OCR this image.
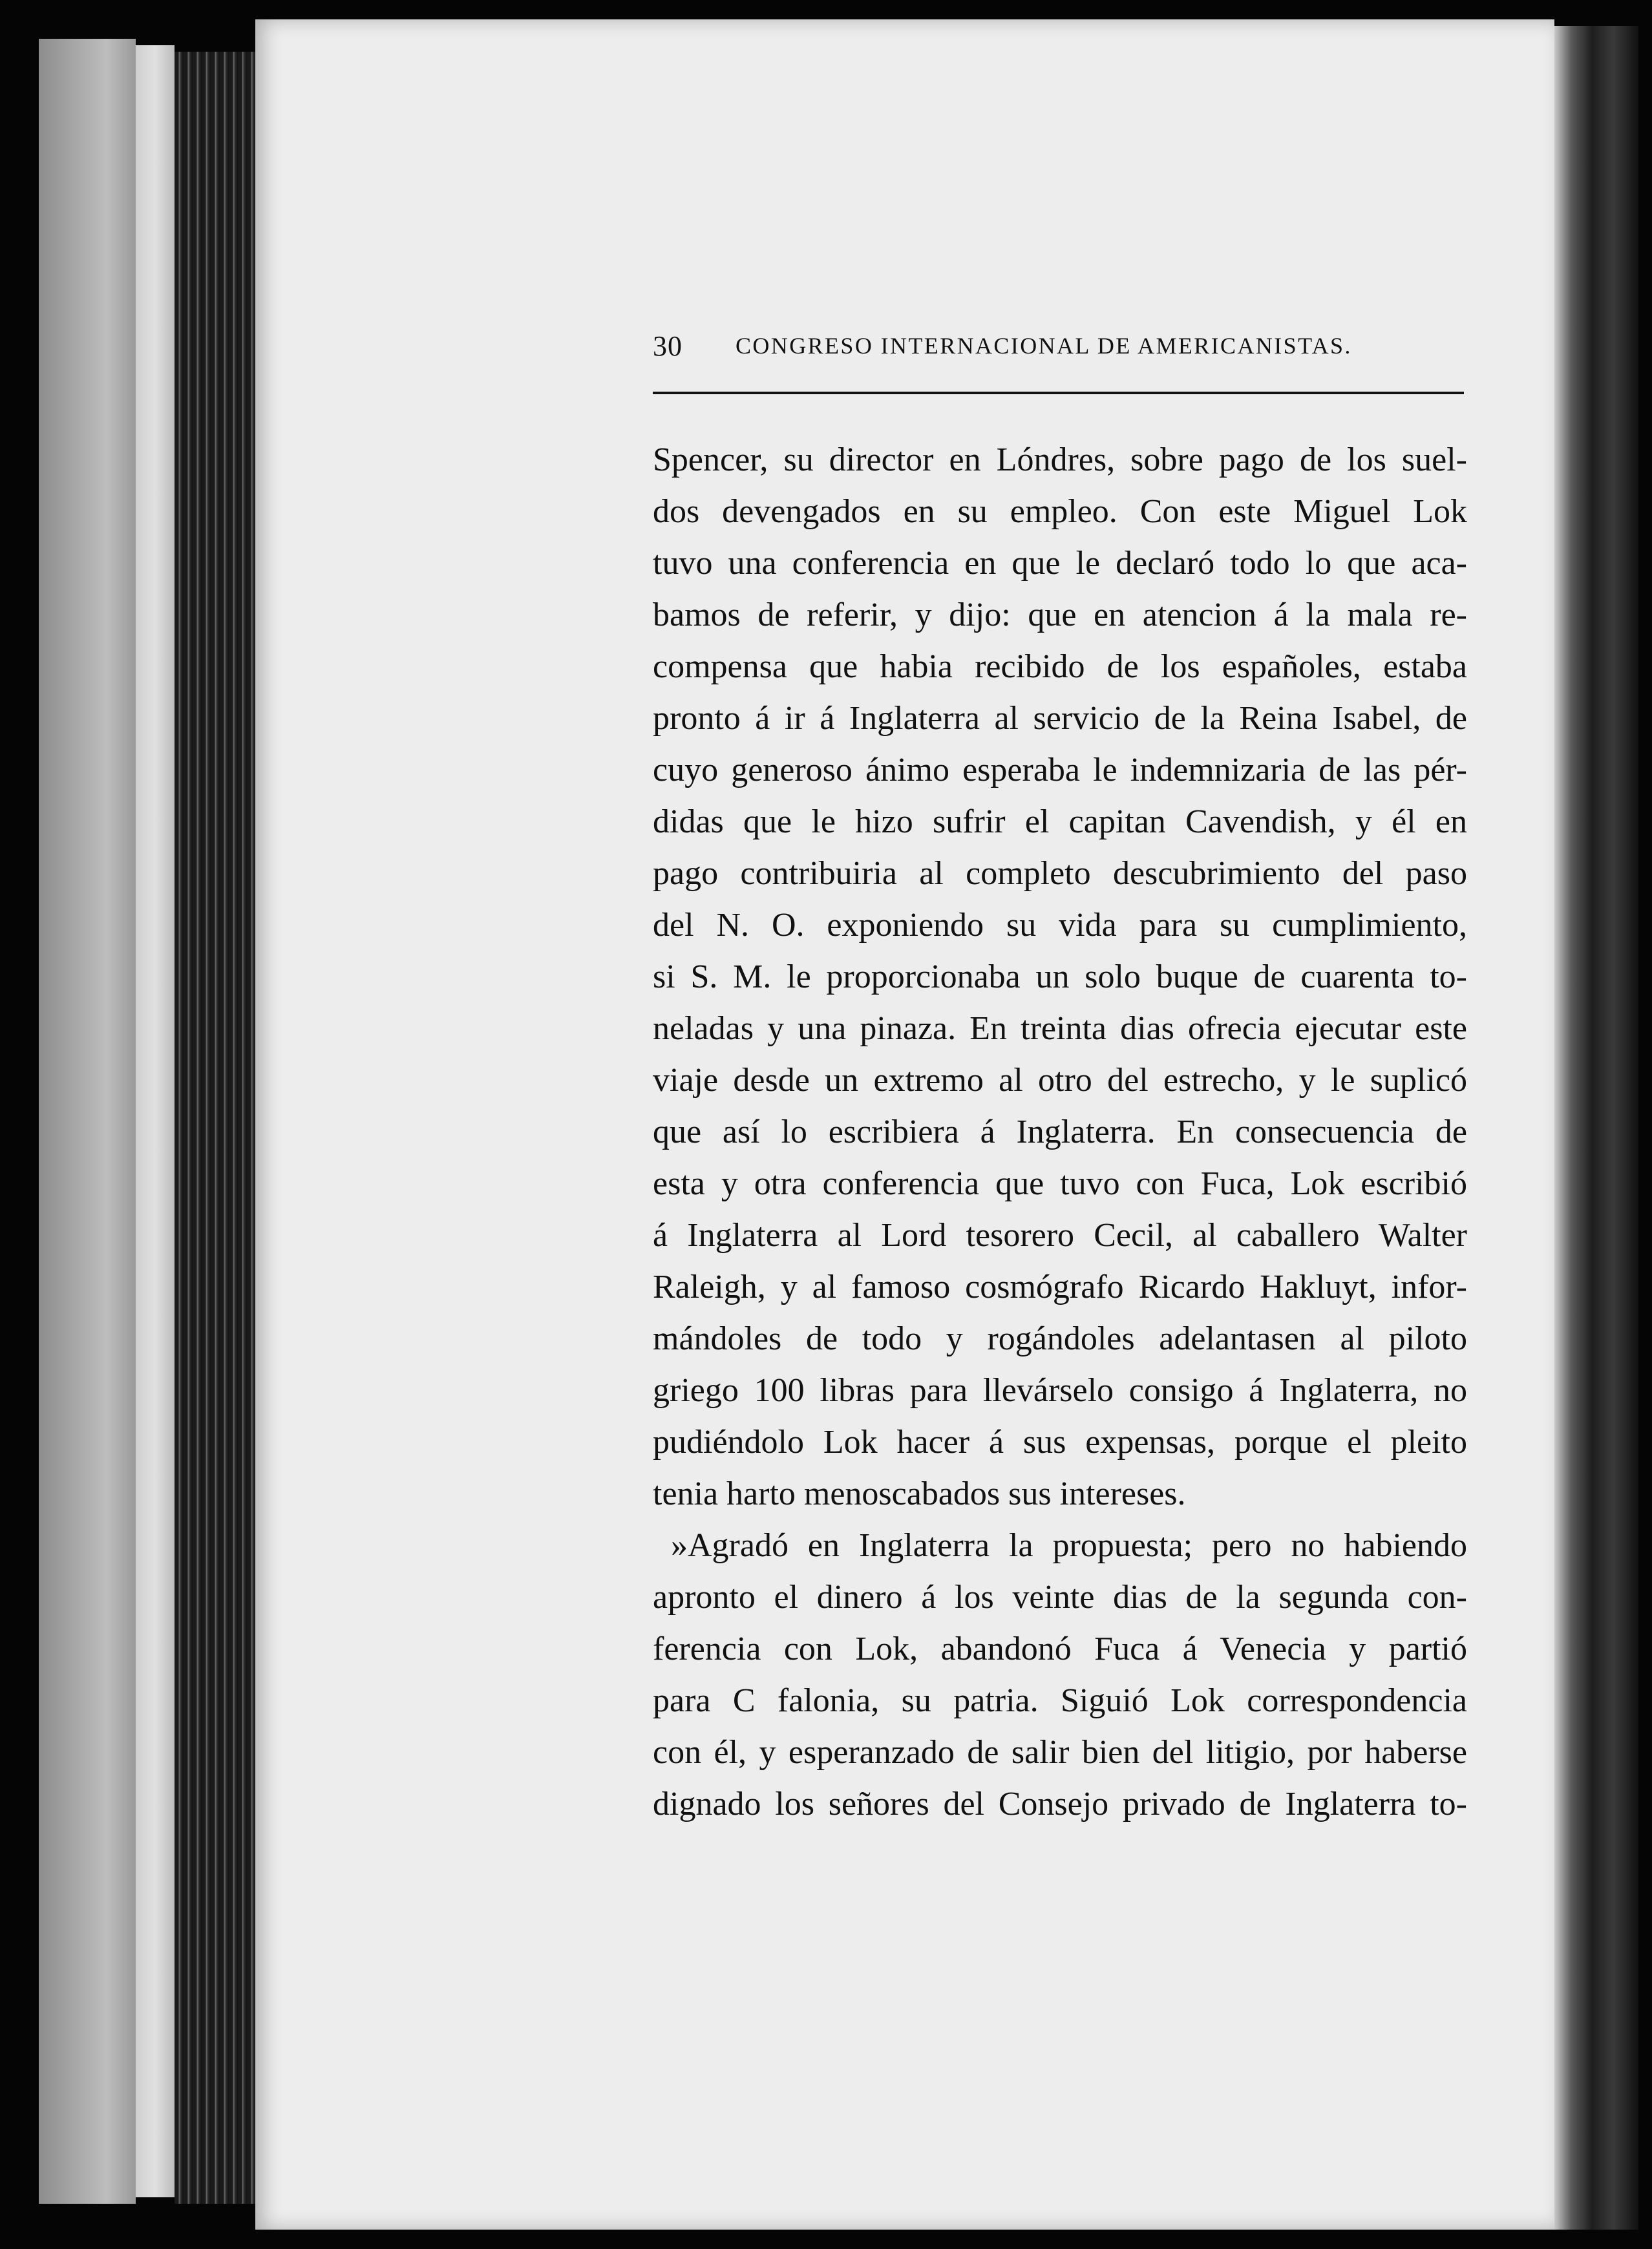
30 CONGRESO INTERNACIONAL DE AMERICANISTAS.
Spencer, su director en Lóndres, sobre pago de los suel-
dos devengados en su empleo. Con este Miguel Lok
tuvo una conferencia en que le declaró todo lo que aca-
bamos de referir, y dijo: que en atencion á la mala re-
compensa que habia recibido de los españoles, estaba
pronto á ir á Inglaterra al servicio de la Reina Isabel, de
cuyo generoso ánimo esperaba le indemnizaria de las pér-
didas que le hizo sufrir el capitan Cavendish, y él en
pago contribuiria al completo descubrimiento del paso
del N. O. exponiendo su vida para su cumplimiento,
si S. M. le proporcionaba un solo buque de cuarenta to-
neladas y una pinaza. En treinta dias ofrecia ejecutar este
viaje desde un extremo al otro del estrecho, y le suplicó
que así lo escribiera á Inglaterra. En consecuencia de
esta y otra conferencia que tuvo con Fuca, Lok escribió
á Inglaterra al Lord tesorero Cecil, al caballero Walter
Raleigh, y al famoso cosmógrafo Ricardo Hakluyt, infor-
mándoles de todo y rogándoles adelantasen al piloto
griego 100 libras para llevárselo consigo á Inglaterra, no
pudiéndolo Lok hacer á sus expensas, porque el pleito
tenia harto menoscabados sus intereses.
»Agradó en Inglaterra la propuesta; pero no habiendo
apronto el dinero á los veinte dias de la segunda con-
ferencia con Lok, abandonó Fuca á Venecia y partió
para C falonia, su patria. Siguió Lok correspondencia
con él, y esperanzado de salir bien del litigio, por haberse
dignado los señores del Consejo privado de Inglaterra to-
